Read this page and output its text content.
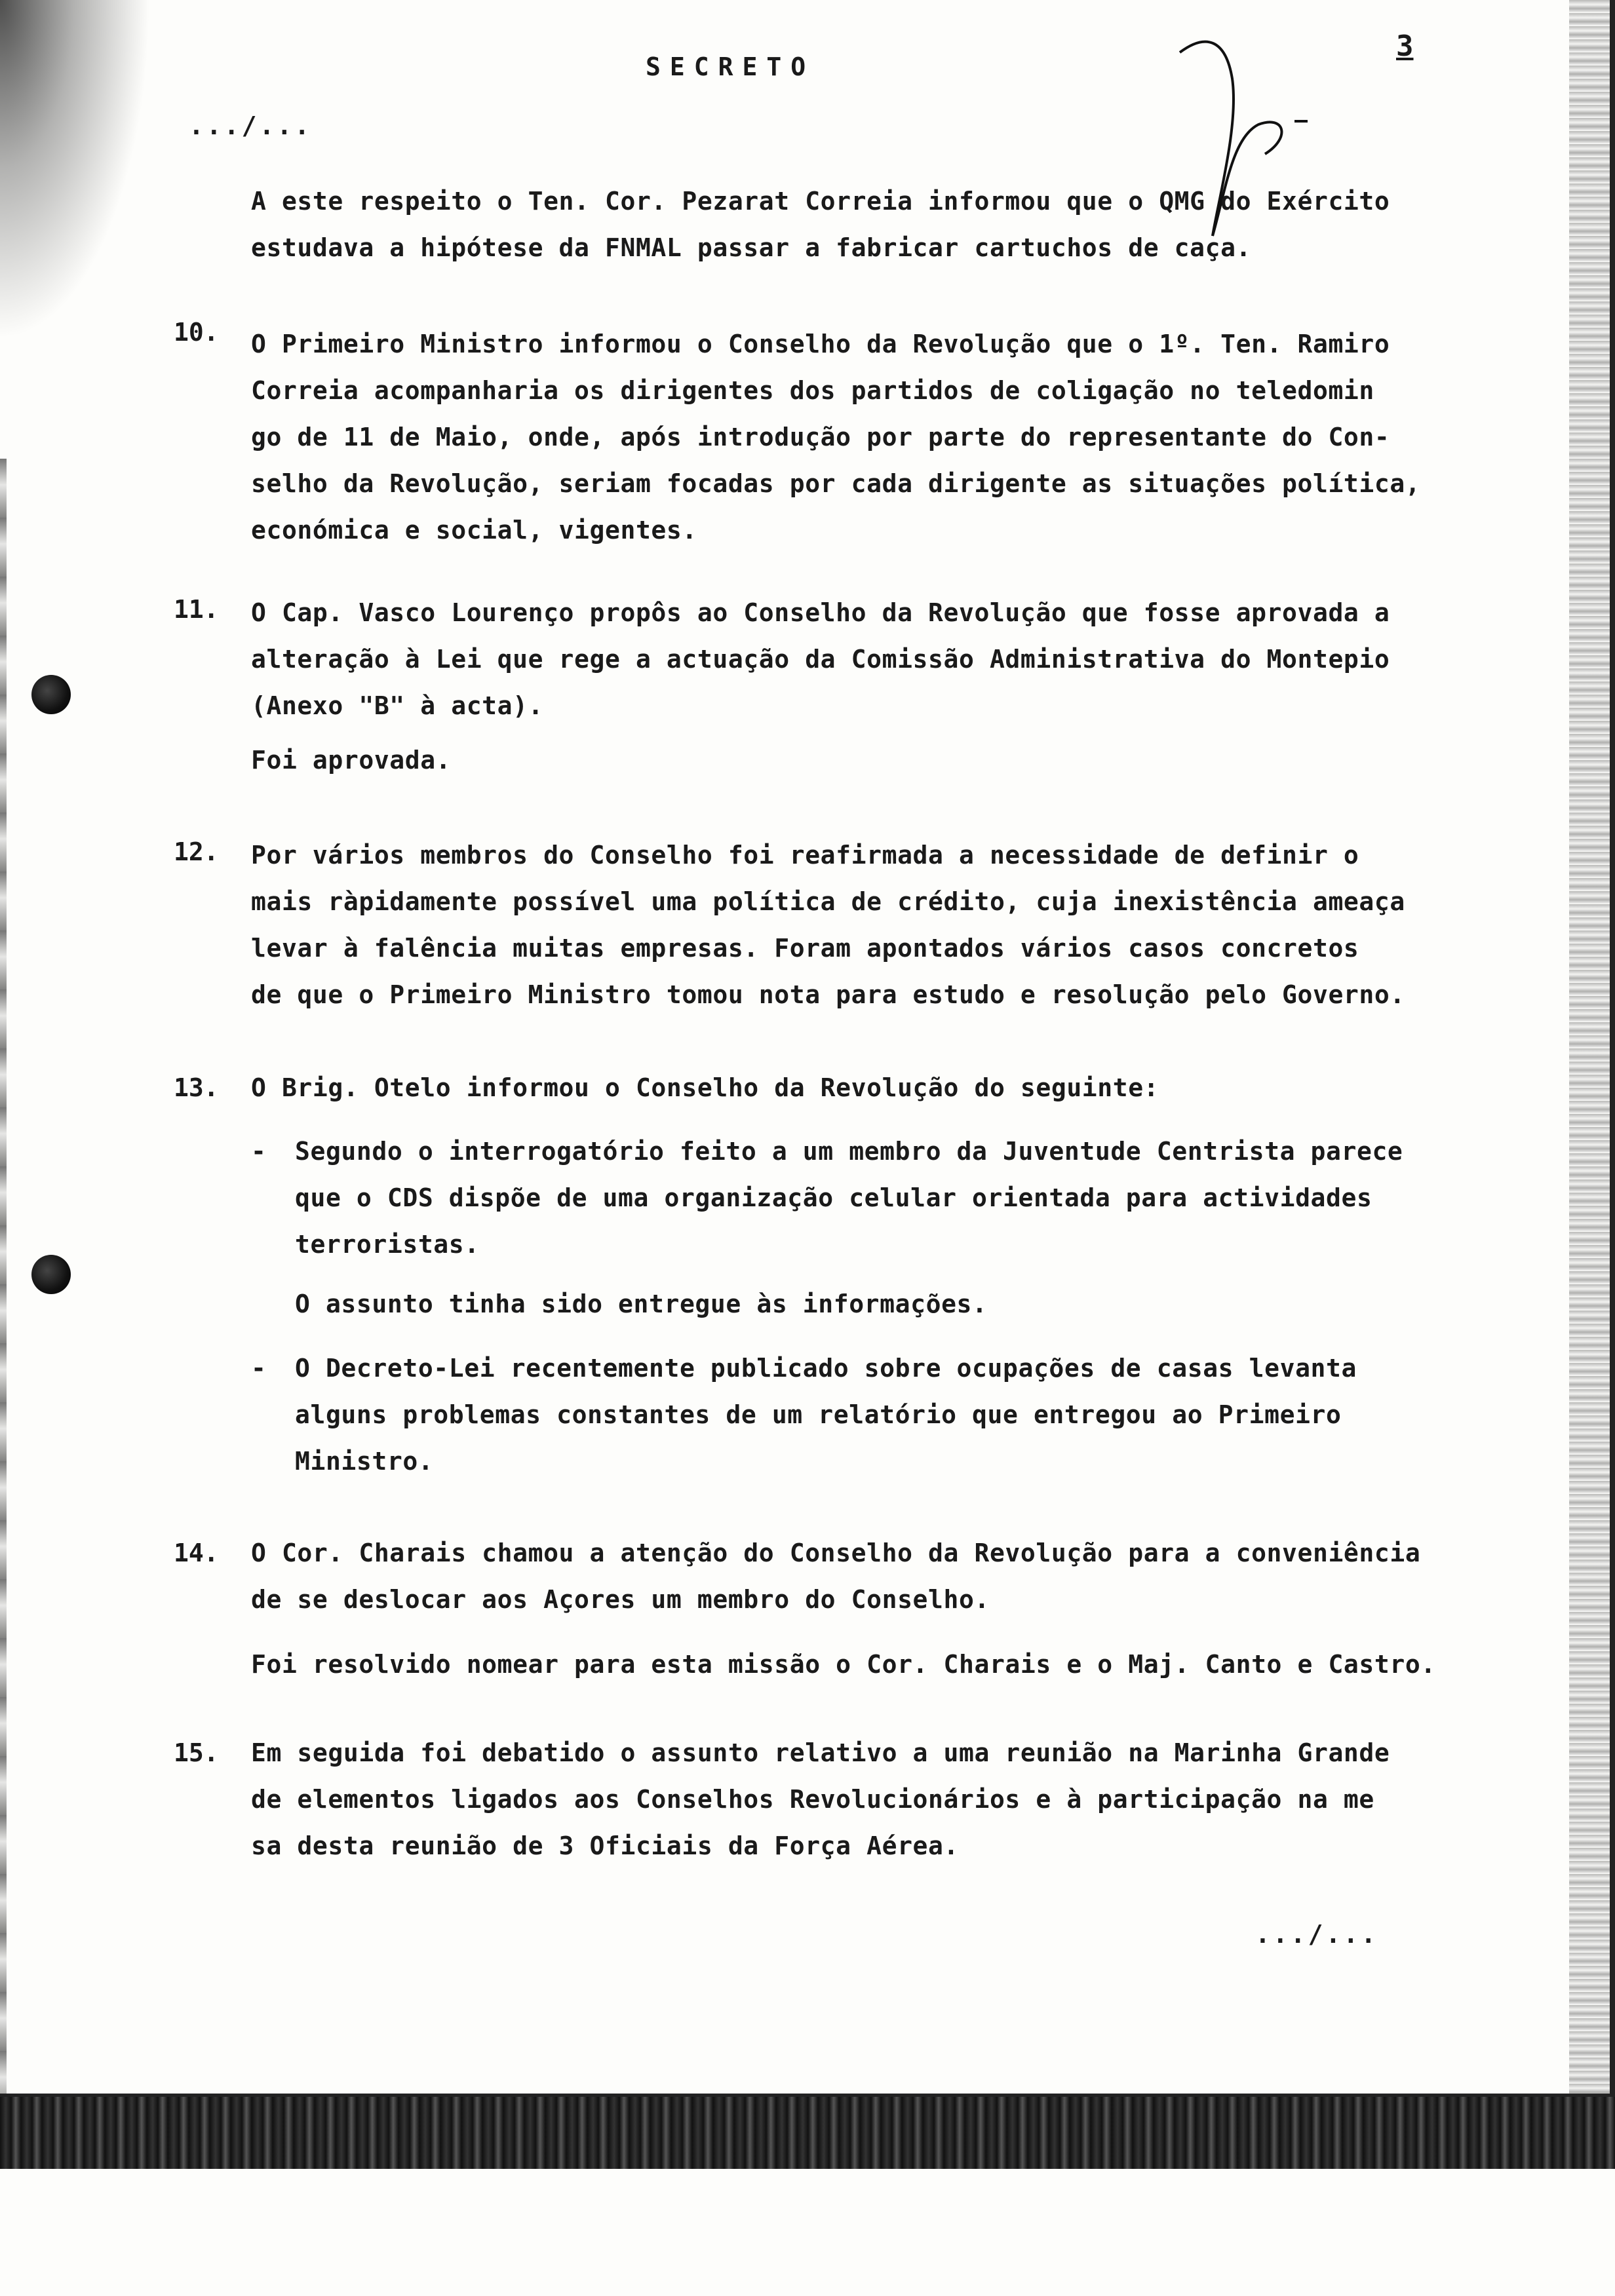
SECRETO
3
.../...
A este respeito o Ten. Cor. Pezarat Correia informou que o QMG do Exército
estudava a hipótese da FNMAL passar a fabricar cartuchos de caça.
10. O Primeiro Ministro informou o Conselho da Revolução que o 1º. Ten. Ramiro
Correia acompanharia os dirigentes dos partidos de coligação no teledomin
go de 11 de Maio, onde, após introdução por parte do representante do Con-
selho da Revolução, seriam focadas por cada dirigente as situações política,
económica e social, vigentes.
11. O Cap. Vasco Lourenço propôs ao Conselho da Revolução que fosse aprovada a
alteração à Lei que rege a actuação da Comissão Administrativa do Montepio
(Anexo "B" à acta).
Foi aprovada.
12. Por vários membros do Conselho foi reafirmada a necessidade de definir o
mais ràpidamente possível uma política de crédito, cuja inexistência ameaça
levar à falência muitas empresas. Foram apontados vários casos concretos
de que o Primeiro Ministro tomou nota para estudo e resolução pelo Governo.
13. O Brig. Otelo informou o Conselho da Revolução do seguinte:
- Segundo o interrogatório feito a um membro da Juventude Centrista parece
que o CDS dispõe de uma organização celular orientada para actividades
terroristas.
O assunto tinha sido entregue às informações.
- O Decreto-Lei recentemente publicado sobre ocupações de casas levanta
alguns problemas constantes de um relatório que entregou ao Primeiro
Ministro.
14. O Cor. Charais chamou a atenção do Conselho da Revolução para a conveniência
de se deslocar aos Açores um membro do Conselho.
Foi resolvido nomear para esta missão o Cor. Charais e o Maj. Canto e Castro.
15. Em seguida foi debatido o assunto relativo a uma reunião na Marinha Grande
de elementos ligados aos Conselhos Revolucionários e à participação na me
sa desta reunião de 3 Oficiais da Força Aérea.
.../...
